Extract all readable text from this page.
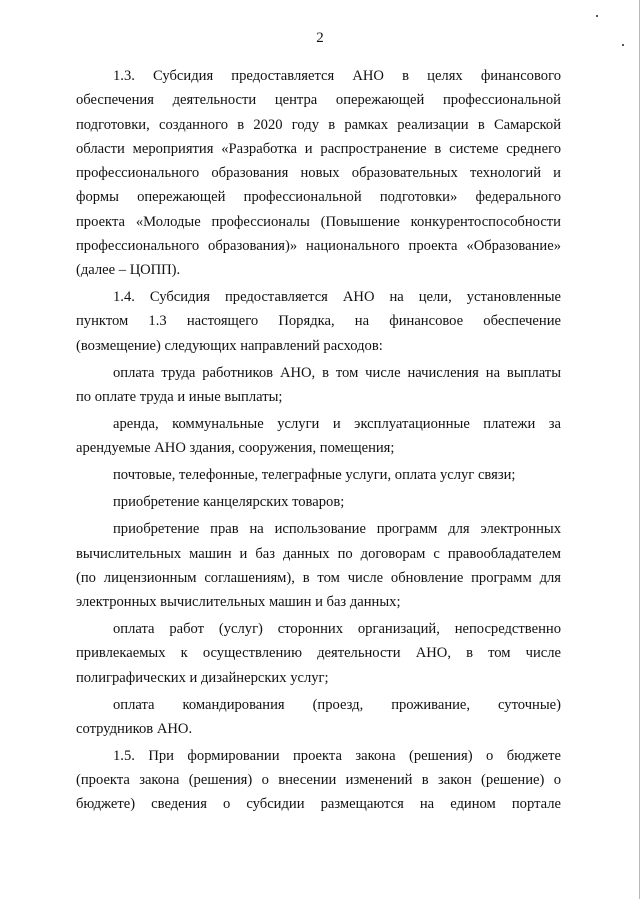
2
1.3. Субсидия предоставляется АНО в целях финансового
обеспечения деятельности центра опережающей профессиональной
подготовки, созданного в 2020 году в рамках реализации в Самарской
области мероприятия «Разработка и распространение в системе среднего
профессионального образования новых образовательных технологий и
формы опережающей профессиональной подготовки» федерального
проекта «Молодые профессионалы (Повышение конкурентоспособности
профессионального образования)» национального проекта «Образование»
(далее – ЦОПП).
1.4. Субсидия предоставляется АНО на цели, установленные
пунктом 1.3 настоящего Порядка, на финансовое обеспечение
(возмещение) следующих направлений расходов:
оплата труда работников АНО, в том числе начисления на выплаты
по оплате труда и иные выплаты;
аренда, коммунальные услуги и эксплуатационные платежи за
арендуемые АНО здания, сооружения, помещения;
почтовые, телефонные, телеграфные услуги, оплата услуг связи;
приобретение канцелярских товаров;
приобретение прав на использование программ для электронных
вычислительных машин и баз данных по договорам с правообладателем
(по лицензионным соглашениям), в том числе обновление программ для
электронных вычислительных машин и баз данных;
оплата работ (услуг) сторонних организаций, непосредственно
привлекаемых к осуществлению деятельности АНО, в том числе
полиграфических и дизайнерских услуг;
оплата командирования (проезд, проживание, суточные)
сотрудников АНО.
1.5. При формировании проекта закона (решения) о бюджете
(проекта закона (решения) о внесении изменений в закон (решение) о
бюджете) сведения о субсидии размещаются на едином портале
